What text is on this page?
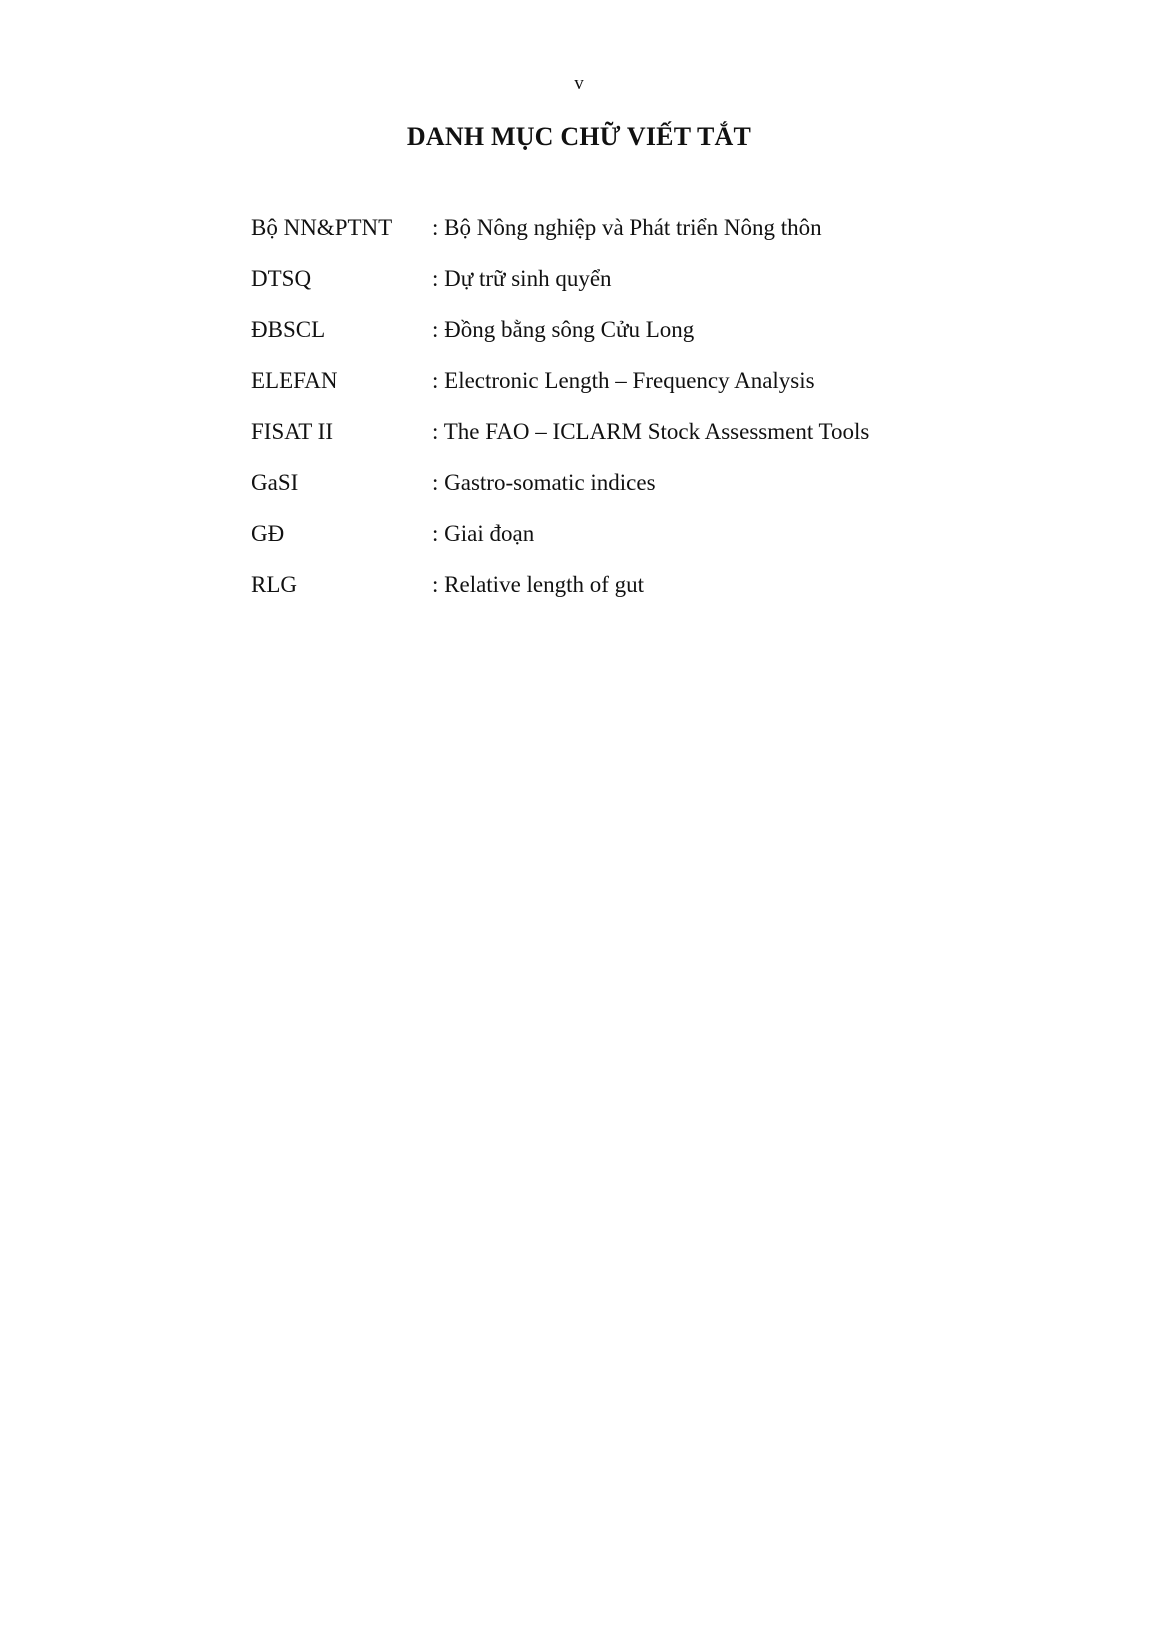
v
DANH MỤC CHỮ VIẾT TẮT
Bộ NN&PTNT	: Bộ Nông nghiệp và Phát triển Nông thôn
DTSQ	: Dự trữ sinh quyển
ĐBSCL	: Đồng bằng sông Cửu Long
ELEFAN	: Electronic Length – Frequency Analysis
FISAT II	: The FAO – ICLARM Stock Assessment Tools
GaSI	: Gastro-somatic indices
GĐ	: Giai đoạn
RLG	: Relative length of gut
